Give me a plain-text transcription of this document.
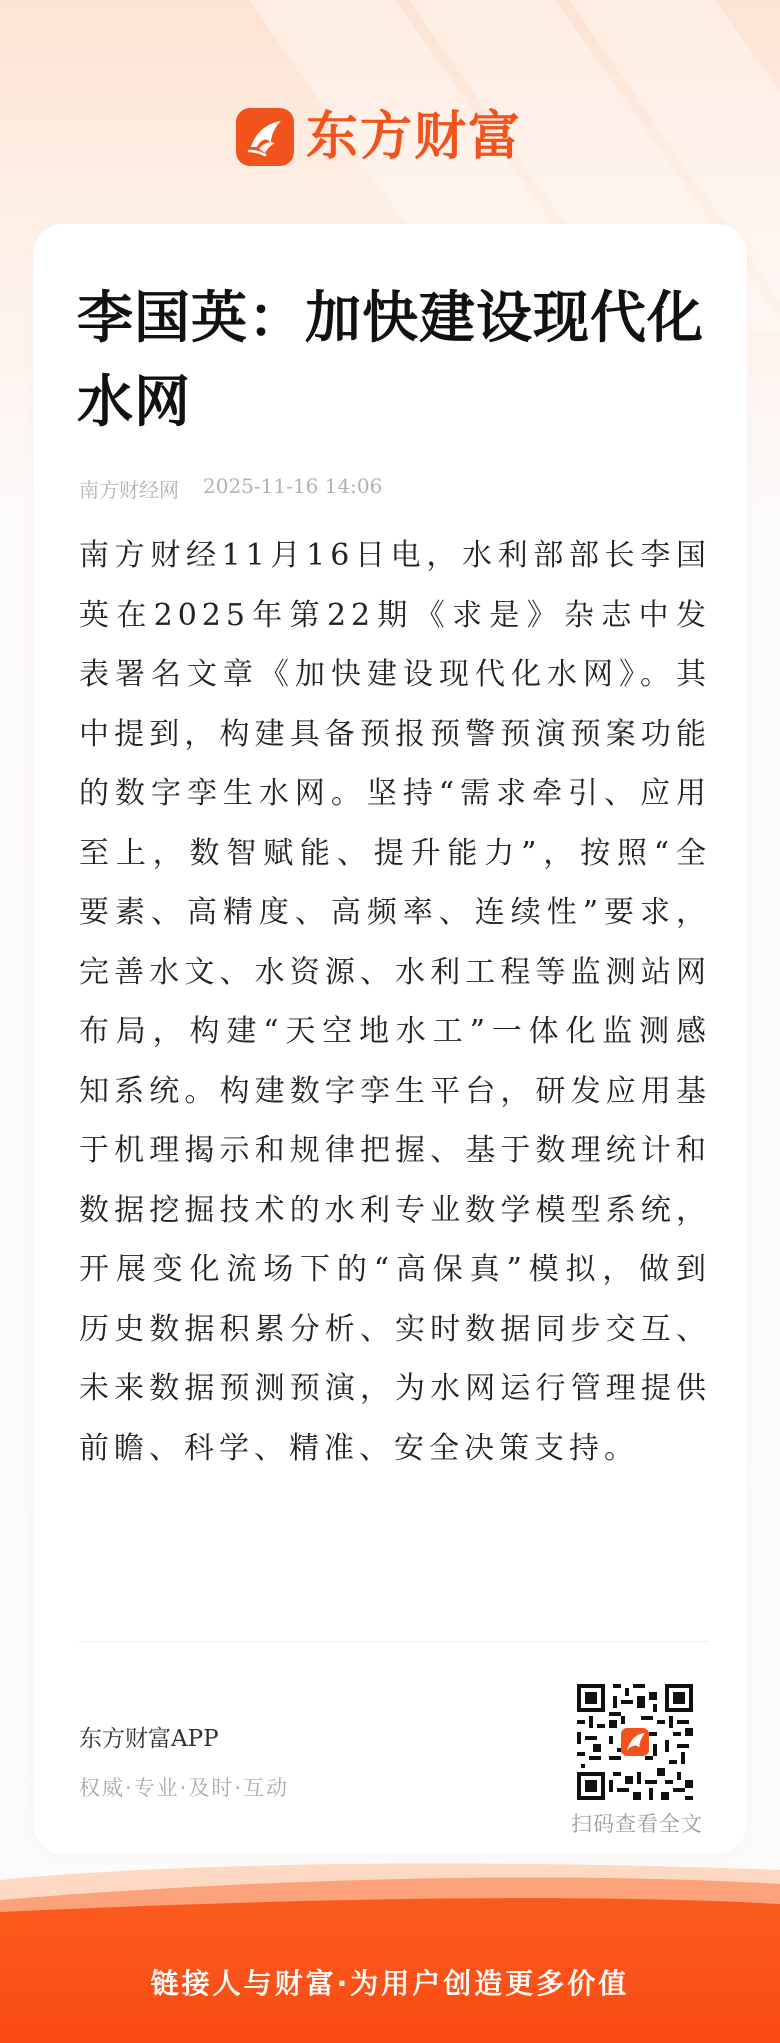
东方财富
李国英：加快建设现代化水网
南方财经网 2025-11-16 14:06

南方财经11月16日电，水利部部长李国英在2025年第22期《求是》杂志中发表署名文章《加快建设现代化水网》。其中提到，构建具备预报预警预演预案功能的数字孪生水网。坚持“需求牵引、应用至上，数智赋能、提升能力”，按照“全要素、高精度、高频率、连续性”要求，完善水文、水资源、水利工程等监测站网布局，构建“天空地水工”一体化监测感知系统。构建数字孪生平台，研发应用基于机理揭示和规律把握、基于数理统计和数据挖掘技术的水利专业数学模型系统，开展变化流场下的“高保真”模拟，做到历史数据积累分析、实时数据同步交互、未来数据预测预演，为水网运行管理提供前瞻、科学、精准、安全决策支持。

东方财富APP
权威·专业·及时·互动
扫码查看全文
链接人与财富·为用户创造更多价值
